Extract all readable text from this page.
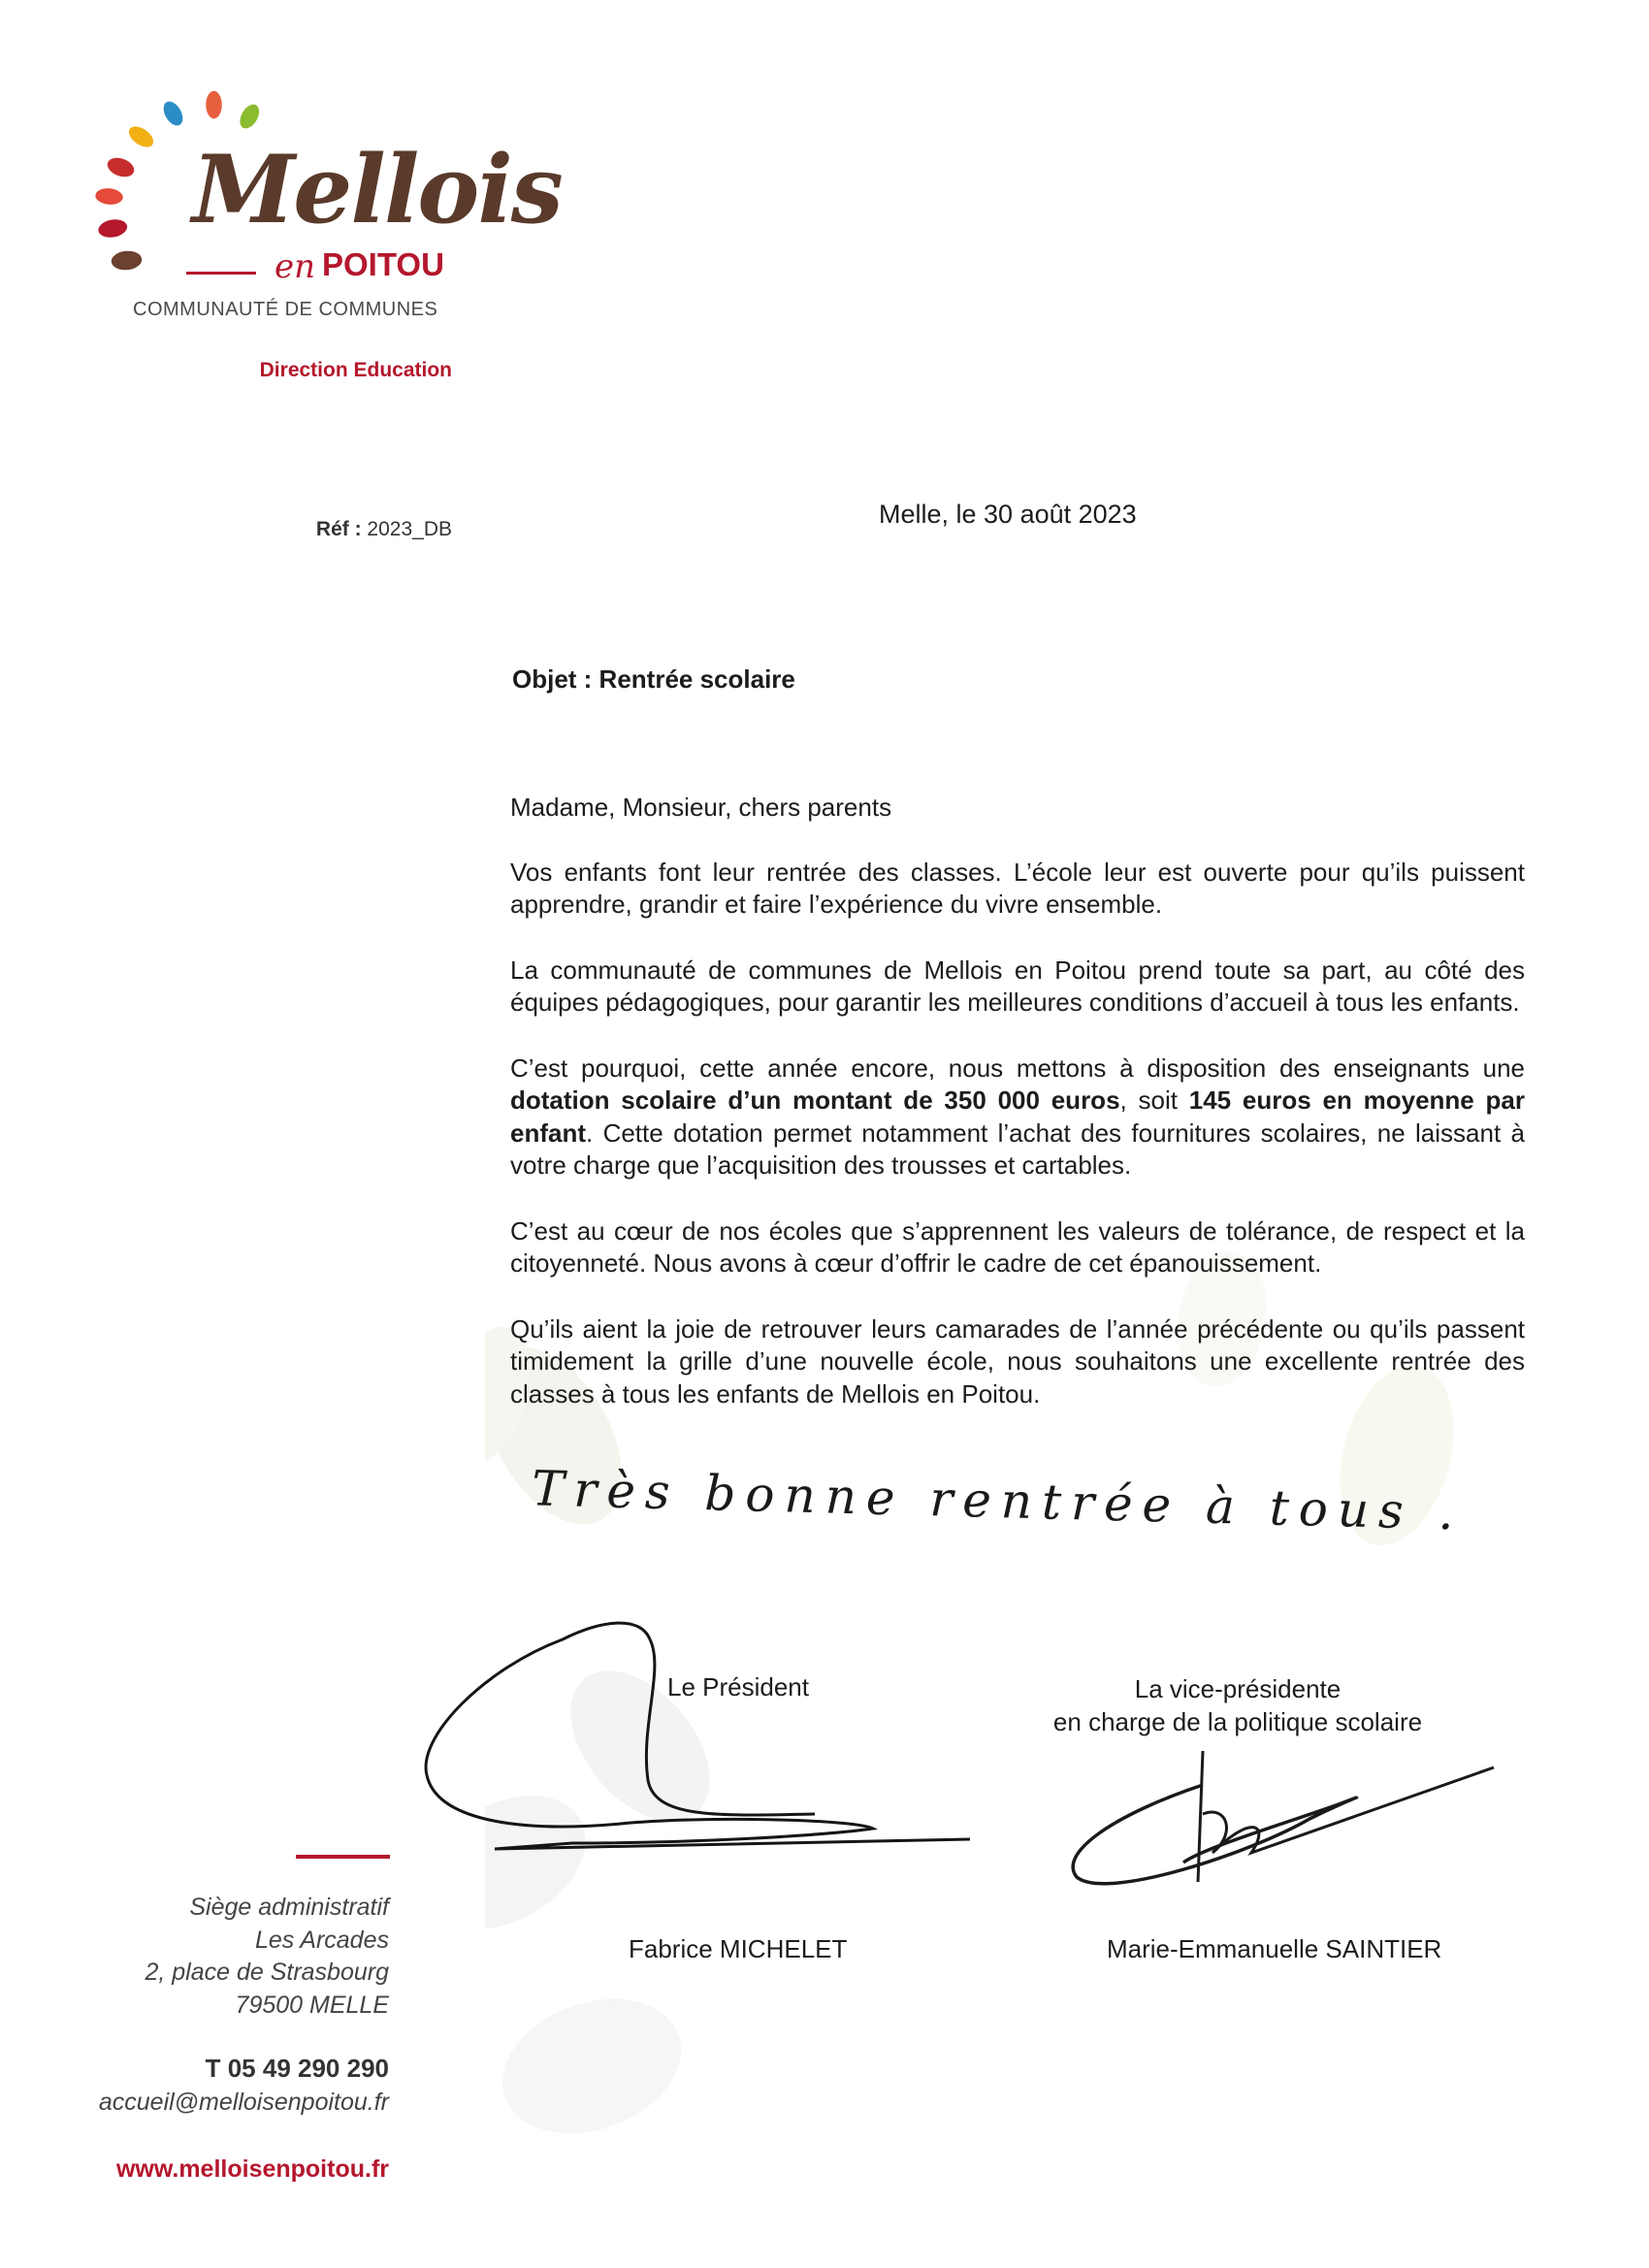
Mellois
en POITOU
COMMUNAUTÉ DE COMMUNES
Direction Education
Réf : 2023_DB
Melle, le 30 août 2023
Objet : Rentrée scolaire

Madame, Monsieur, chers parents

Vos enfants font leur rentrée des classes. L’école leur est ouverte pour qu’ils puissent apprendre, grandir et faire l’expérience du vivre ensemble.

La communauté de communes de Mellois en Poitou prend toute sa part, au côté des équipes pédagogiques, pour garantir les meilleures conditions d’accueil à tous les enfants.

C’est pourquoi, cette année encore, nous mettons à disposition des enseignants une dotation scolaire d’un montant de 350 000 euros, soit 145 euros en moyenne par enfant. Cette dotation permet notamment l’achat des fournitures scolaires, ne laissant à votre charge que l’acquisition des trousses et cartables.

C’est au cœur de nos écoles que s’apprennent les valeurs de tolérance, de respect et la citoyenneté. Nous avons à cœur d’offrir le cadre de cet épanouissement.

Qu’ils aient la joie de retrouver leurs camarades de l’année précédente ou qu’ils passent timidement la grille d’une nouvelle école, nous souhaitons une excellente rentrée des classes à tous les enfants de Mellois en Poitou.

Très bonne rentrée à tous .
Le Président	La vice-présidente
en charge de la politique scolaire
Fabrice MICHELET	Marie-Emmanuelle SAINTIER
Siège administratif
Les Arcades
2, place de Strasbourg
79500 MELLE
T 05 49 290 290
accueil@melloisenpoitou.fr
www.melloisenpoitou.fr
